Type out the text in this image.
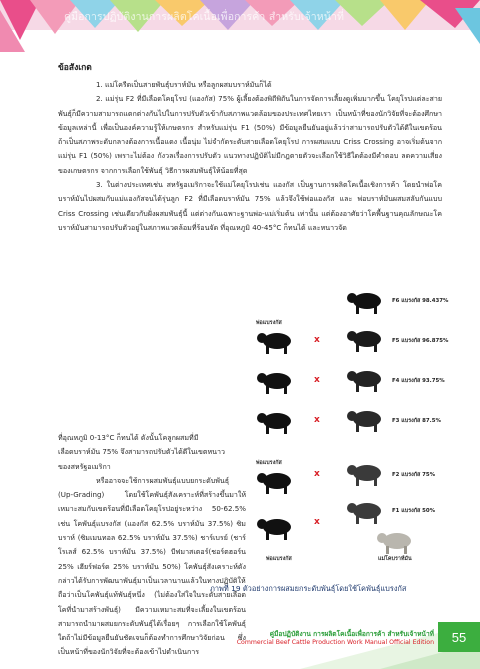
คู่มือการปฏิบัติงานการผลิตโคเนื้อเพื่อการค้า สำหรับเจ้าหน้าที่
ข้อสังเกต

1. แม่โครีดเป็นสายพันธุ์บราห์มัน หรือลูกผสมบราห์มันก็ได้

2. แม่รุ่น F2 ที่มีเลือดโคยุโรป (แองกัส) 75% ผู้เลี้ยงต้องพิถีพิถันในการจัดการเลี้ยงดูเพิ่มมากขึ้น โคยุโรปแต่ละสายพันธุ์ก็มีความสามารถแตกต่างกันไปในการปรับตัวเข้ากับสภาพแวดล้อมของประเทศไทยเรา เป็นหน้าที่ของนักวิจัยที่จะต้องศึกษาข้อมูลเหล่านี้ เพื่อเป็นองค์ความรู้ให้เกษตรกร สำหรับแม่รุ่น F1 (50%) มีข้อมูลยืนยันอยู่แล้วว่าสามารถปรับตัวได้ดีในเขตร้อน ถ้าเป็นสภาพระดับกลางต้องการเนื้อแดง เนื้อนุ่ม ไม่จำกัดระดับสายเลือดโคยุโรป การผสมแบบ Criss Crossing อาจเริ่มต้นจากแม่รุ่น F1 (50%) เพราะไม่ต้อง กังวลเรื่องการปรับตัว แนวทางปฏิบัติไม่มีกฎตายตัวจะเลือกใช้วิธีใดต้องมีคำตอบ ลดความเสี่ยงของเกษตรกร จากการเลือกใช้พันธุ์ วิธีการผสมพันธุ์ให้น้อยที่สุด

3. ในต่างประเทศเช่น สหรัฐอเมริกาจะใช้แม่โคยุโรปเช่น แองกัส เป็นฐานการผลิตโคเนื้อเชิงการค้า โดยนำพ่อโคบราห์มันไปผสมกับแม่แองกัสจนได้รุ่นลูก F2 ที่มีเลือดบราห์มัน 75% แล้วจึงใช้พ่อแองกัส และ พ่อบราห์มันผสมสลับกันแบบ Criss Crossing เช่นเดียวกับฝั่งผสมพันธุ์นี้ แต่ต่างกันเฉพาะฐานพ่อ-แม่เริ่มต้น เท่านั้น แต่ต้องอาศัยว่าโคพื้นฐานคุณลักษณะโคบราห์มันสามารถปรับตัวอยู่ในสภาพแวดล้อมที่ร้อนจัด ที่อุณหภูมิ 40-45°C ก็ทนได้ และหนาวจัด

ที่อุณหภูมิ 0-13°C ก็ทนได้ ดังนั้นโคลูกผสมที่มี

เลือดบราห์มัน 75% จึงสามารถปรับตัวได้ดีในเขตหนาว

ของสหรัฐอเมริกา

หรืออาจจะใช้การผสมพันธุ์แบบยกระดับพันธุ์ (Up-Grading) โดยใช้โคพันธุ์สังเคราะห์ที่สร้างขึ้นมาให้เหมาะสมกับเขตร้อนที่มีเลือดโคยุโรปอยู่ระหว่าง 50-62.5% เช่น โคพันธุ์แบรงกัส (แองกัส 62.5% บราห์มัน 37.5%) ซิมบราห์ (ซิมเมนทอล 62.5% บราห์มัน 37.5%) ชาร์เบรย์ (ชาร์โรเลส์ 62.5% บราห์มัน 37.5%) บีฟมาสเตอร์(ชอร์ตฮอร์น 25% เฮียร์ฟอร์ด 25% บราห์มัน 50%) โคพันธุ์สังเคราะห์ดังกล่าวได้รับการพัฒนาพันธุ์มาเป็นเวลานานแล้วในทางปฏิบัติให้ถือว่าเป็นโคพันธุ์แท้พันธุ์หนึ่ง (ไม่ต้องใส่ใจในระดับสายเลือดโคที่นำมาสร้างพันธุ์) มีความเหมาะสมที่จะเลี้ยงในเขตร้อนสามารถนำมาผสมยกระดับพันธุ์ได้เรื่อยๆ การเลือกใช้โคพันธุ์ใดถ้าไม่มีข้อมูลยืนยันชัดเจนก็ต้องทำการศึกษาวิจัยก่อน ซึ่งเป็นหน้าที่ของนักวิจัยที่จะต้องเข้าไปดำเนินการ

พ่อแบรงกัส
พ่อแบรงกัส
F6 แบรงกัส 98.437%
x	F5 แบรงกัส 96.875%
x	F4 แบรงกัส 93.75%
x	F3 แบรงกัส 87.5%
x	F2 แบรงกัส 75%
x
F1 แบรงกัส 50%
พ่อแบรงกัส	แม่โคบราห์มัน
ภาพที่ 19 ตัวอย่างการผสมยกระดับพันธุ์โดยใช้โคพันธุ์แบรงกัส
คู่มือปฏิบัติงาน การผลิตโคเนื้อเพื่อการค้า สำหรับเจ้าหน้าที่
Commercial Beef Cattle Production Work Manual Official Edition	55
